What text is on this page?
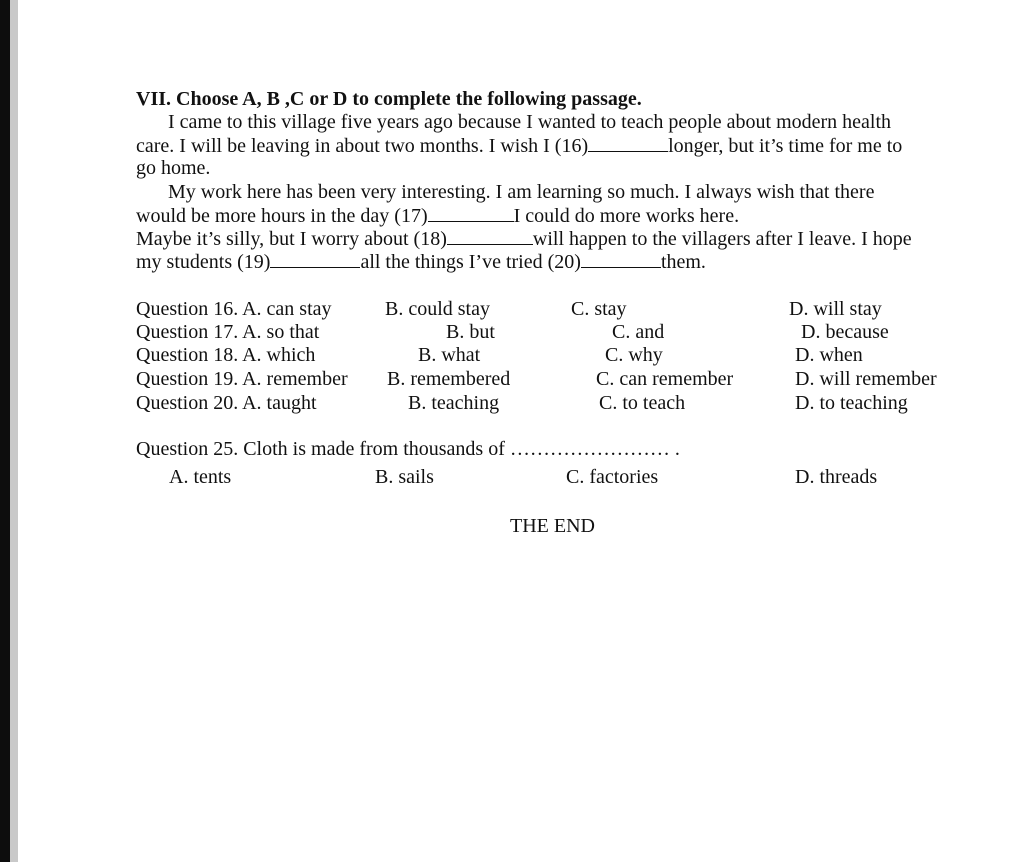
VII. Choose A, B ,C or D to complete the following passage.
I came to this village five years ago because I wanted to teach people about modern health
care. I will be leaving in about two months. I wish I (16)	longer, but it’s time for me to
go home.
My work here has been very interesting. I am learning so much. I always wish that there
would be more hours in the day (17)	I could do more works here.
Maybe it’s silly, but I worry about (18)	will happen to the villagers after I leave. I hope
my students (19)	all the things I’ve tried (20)	them.
Question 16. A. can stay	B. could stay	C. stay	D. will stay
Question 17. A. so that	B. but	C. and	D. because
Question 18. A. which	B. what	C. why	D. when
Question 19. A. remember B. remembered	C. can remember	D. will remember
Question 20. A. taught	B. teaching	C. to teach	D. to teaching
Question 25. Cloth is made from thousands of …………………… .
A. tents	B. sails	C. factories	D. threads
THE END
